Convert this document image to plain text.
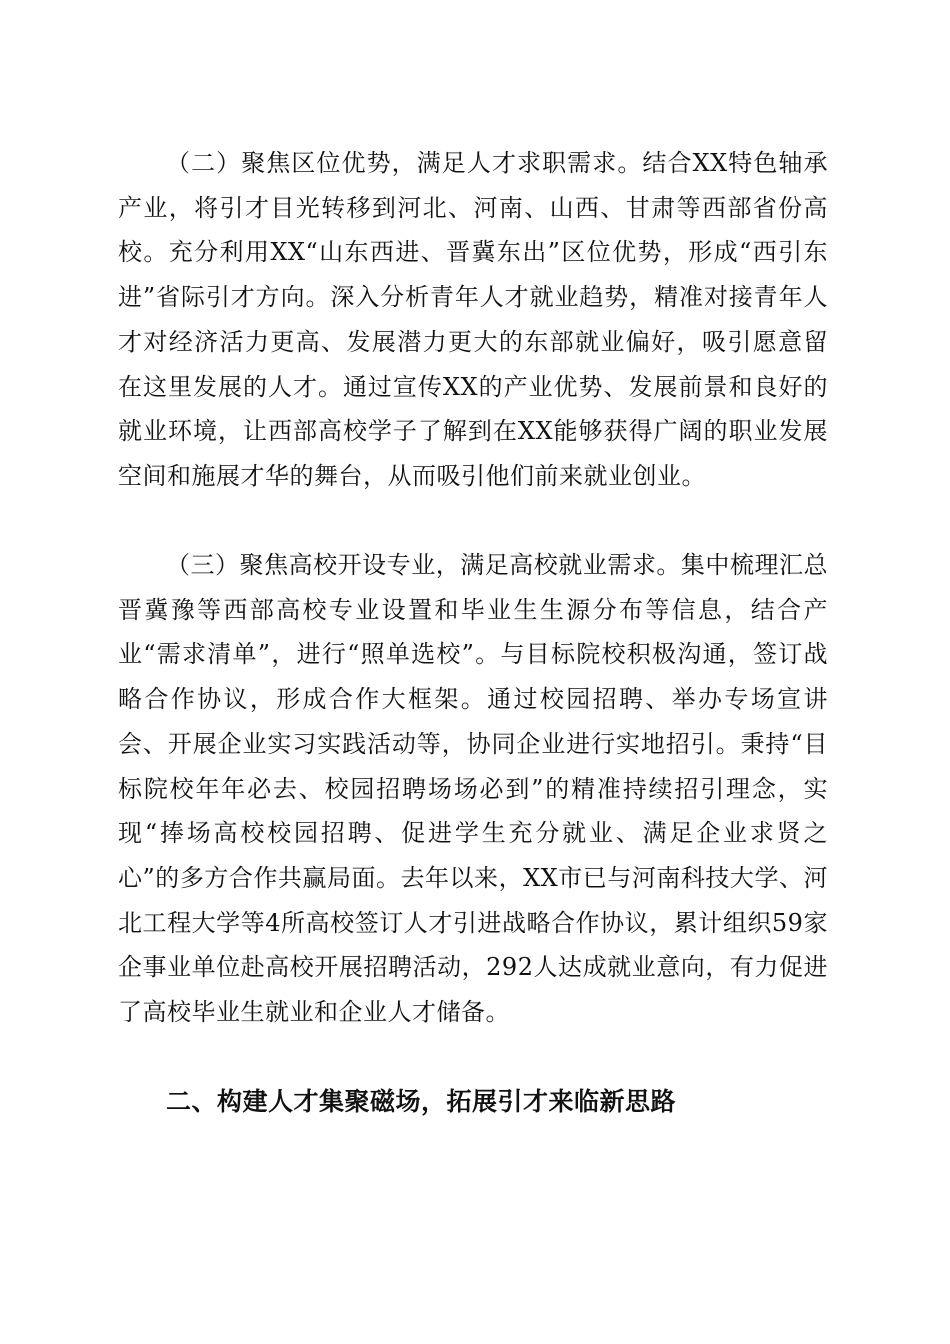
（二）聚焦区位优势，满足人才求职需求。结合XX特色轴承产业，将引才目光转移到河北、河南、山西、甘肃等西部省份高校。充分利用XX“山东西进、晋冀东出”区位优势，形成“西引东进”省际引才方向。深入分析青年人才就业趋势，精准对接青年人才对经济活力更高、发展潜力更大的东部就业偏好，吸引愿意留在这里发展的人才。通过宣传XX的产业优势、发展前景和良好的就业环境，让西部高校学子了解到在XX能够获得广阔的职业发展空间和施展才华的舞台，从而吸引他们前来就业创业。

（三）聚焦高校开设专业，满足高校就业需求。集中梳理汇总晋冀豫等西部高校专业设置和毕业生生源分布等信息，结合产业“需求清单”，进行“照单选校”。与目标院校积极沟通，签订战略合作协议，形成合作大框架。通过校园招聘、举办专场宣讲会、开展企业实习实践活动等，协同企业进行实地招引。秉持“目标院校年年必去、校园招聘场场必到”的精准持续招引理念，实现“捧场高校校园招聘、促进学生充分就业、满足企业求贤之心”的多方合作共赢局面。去年以来，XX市已与河南科技大学、河北工程大学等4所高校签订人才引进战略合作协议，累计组织59家企事业单位赴高校开展招聘活动，292人达成就业意向，有力促进了高校毕业生就业和企业人才储备。

二、构建人才集聚磁场，拓展引才来临新思路
